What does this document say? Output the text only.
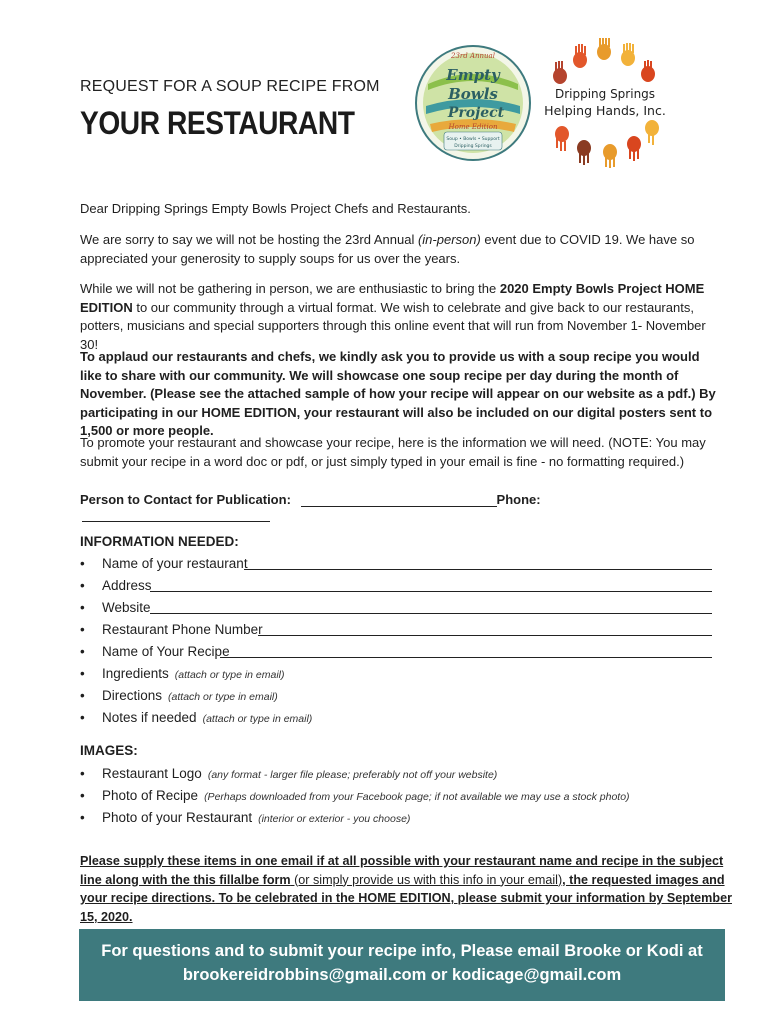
REQUEST FOR A SOUP RECIPE FROM
YOUR RESTAURANT
23rd Annual
Empty
Bowls
Project
Home Edition
Soup • Bowls • Support
Dripping Springs
Dripping Springs
Helping Hands, Inc.
Dear Dripping Springs Empty Bowls Project Chefs and Restaurants.
We are sorry to say we will not be hosting the 23rd Annual (in-person) event due to COVID 19. We have so appreciated your generosity to supply soups for us over the years.
While we will not be gathering in person, we are enthusiastic to bring the 2020 Empty Bowls Project HOME EDITION to our community through a virtual format. We wish to celebrate and give back to our restaurants, potters, musicians and special supporters through this online event that will run from November 1- November 30!
To applaud our restaurants and chefs, we kindly ask you to provide us with a soup recipe you would like to share with our community. We will showcase one soup recipe per day during the month of November. (Please see the attached sample of how your recipe will appear on our website as a pdf.) By participating in our HOME EDITION, your restaurant will also be included on our digital posters sent to 1,500 or more people.
To promote your restaurant and showcase your recipe, here is the information we will need. (NOTE: You may submit your recipe in a word doc or pdf, or just simply typed in your email is fine - no formatting required.)
Person to Contact for Publication:	Phone:
INFORMATION NEEDED:
• Name of your restaurant
• Address
• Website
• Restaurant Phone Number
• Name of Your Recipe
• Ingredients (attach or type in email)
• Directions (attach or type in email)
• Notes if needed (attach or type in email)
IMAGES:
• Restaurant Logo (any format - larger file please; preferably not off your website)
• Photo of Recipe (Perhaps downloaded from your Facebook page; if not available we may use a stock photo)
• Photo of your Restaurant (interior or exterior - you choose)
Please supply these items in one email if at all possible with your restaurant name and recipe in the subject line along with the this fillalbe form (or simply provide us with this info in your email), the requested images and your recipe directions. To be celebrated in the HOME EDITION, please submit your information by September 15, 2020.
For questions and to submit your recipe info, Please email Brooke or Kodi at
brookereidrobbins@gmail.com or kodicage@gmail.com
